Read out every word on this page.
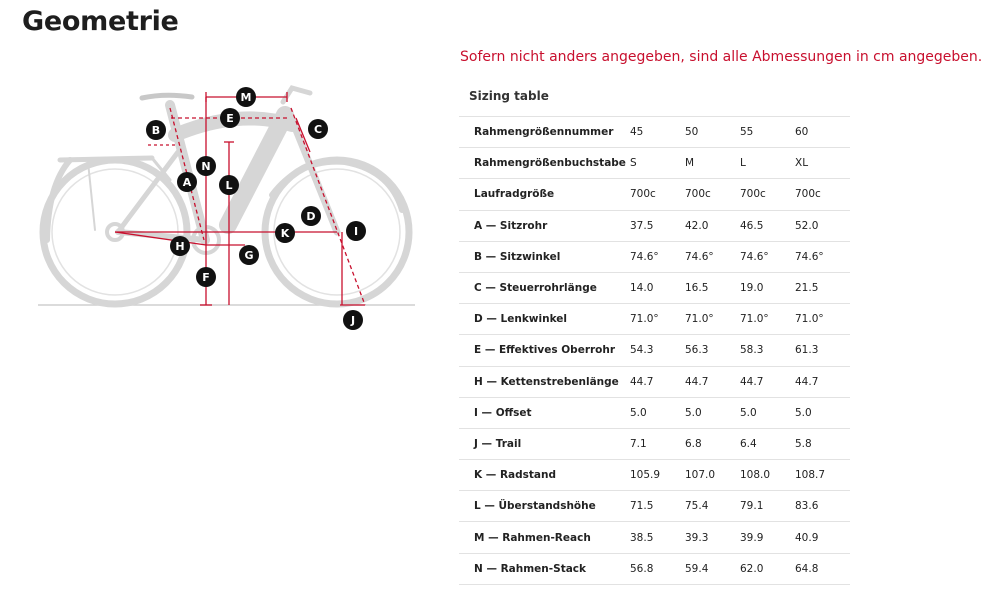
Geometrie
M
E
B	C
N
A	L
D
K	I
H
G
F
J
Sofern nicht anders angegeben, sind alle Abmessungen in cm angegeben.
Sizing table
Rahmengrößennummer	45	50	55	60
Rahmengrößenbuchstabe	S	M	L	XL
Laufradgröße	700c	700c	700c	700c
A — Sitzrohr	37.5	42.0	46.5	52.0
B — Sitzwinkel	74.6°	74.6°	74.6°	74.6°
C — Steuerrohrlänge	14.0	16.5	19.0	21.5
D — Lenkwinkel	71.0°	71.0°	71.0°	71.0°
E — Effektives Oberrohr	54.3	56.3	58.3	61.3
H — Kettenstrebenlänge	44.7	44.7	44.7	44.7
I — Offset	5.0	5.0	5.0	5.0
J — Trail	7.1	6.8	6.4	5.8
K — Radstand	105.9	107.0	108.0	108.7
L — Überstandshöhe	71.5	75.4	79.1	83.6
M — Rahmen-Reach	38.5	39.3	39.9	40.9
N — Rahmen-Stack	56.8	59.4	62.0	64.8
